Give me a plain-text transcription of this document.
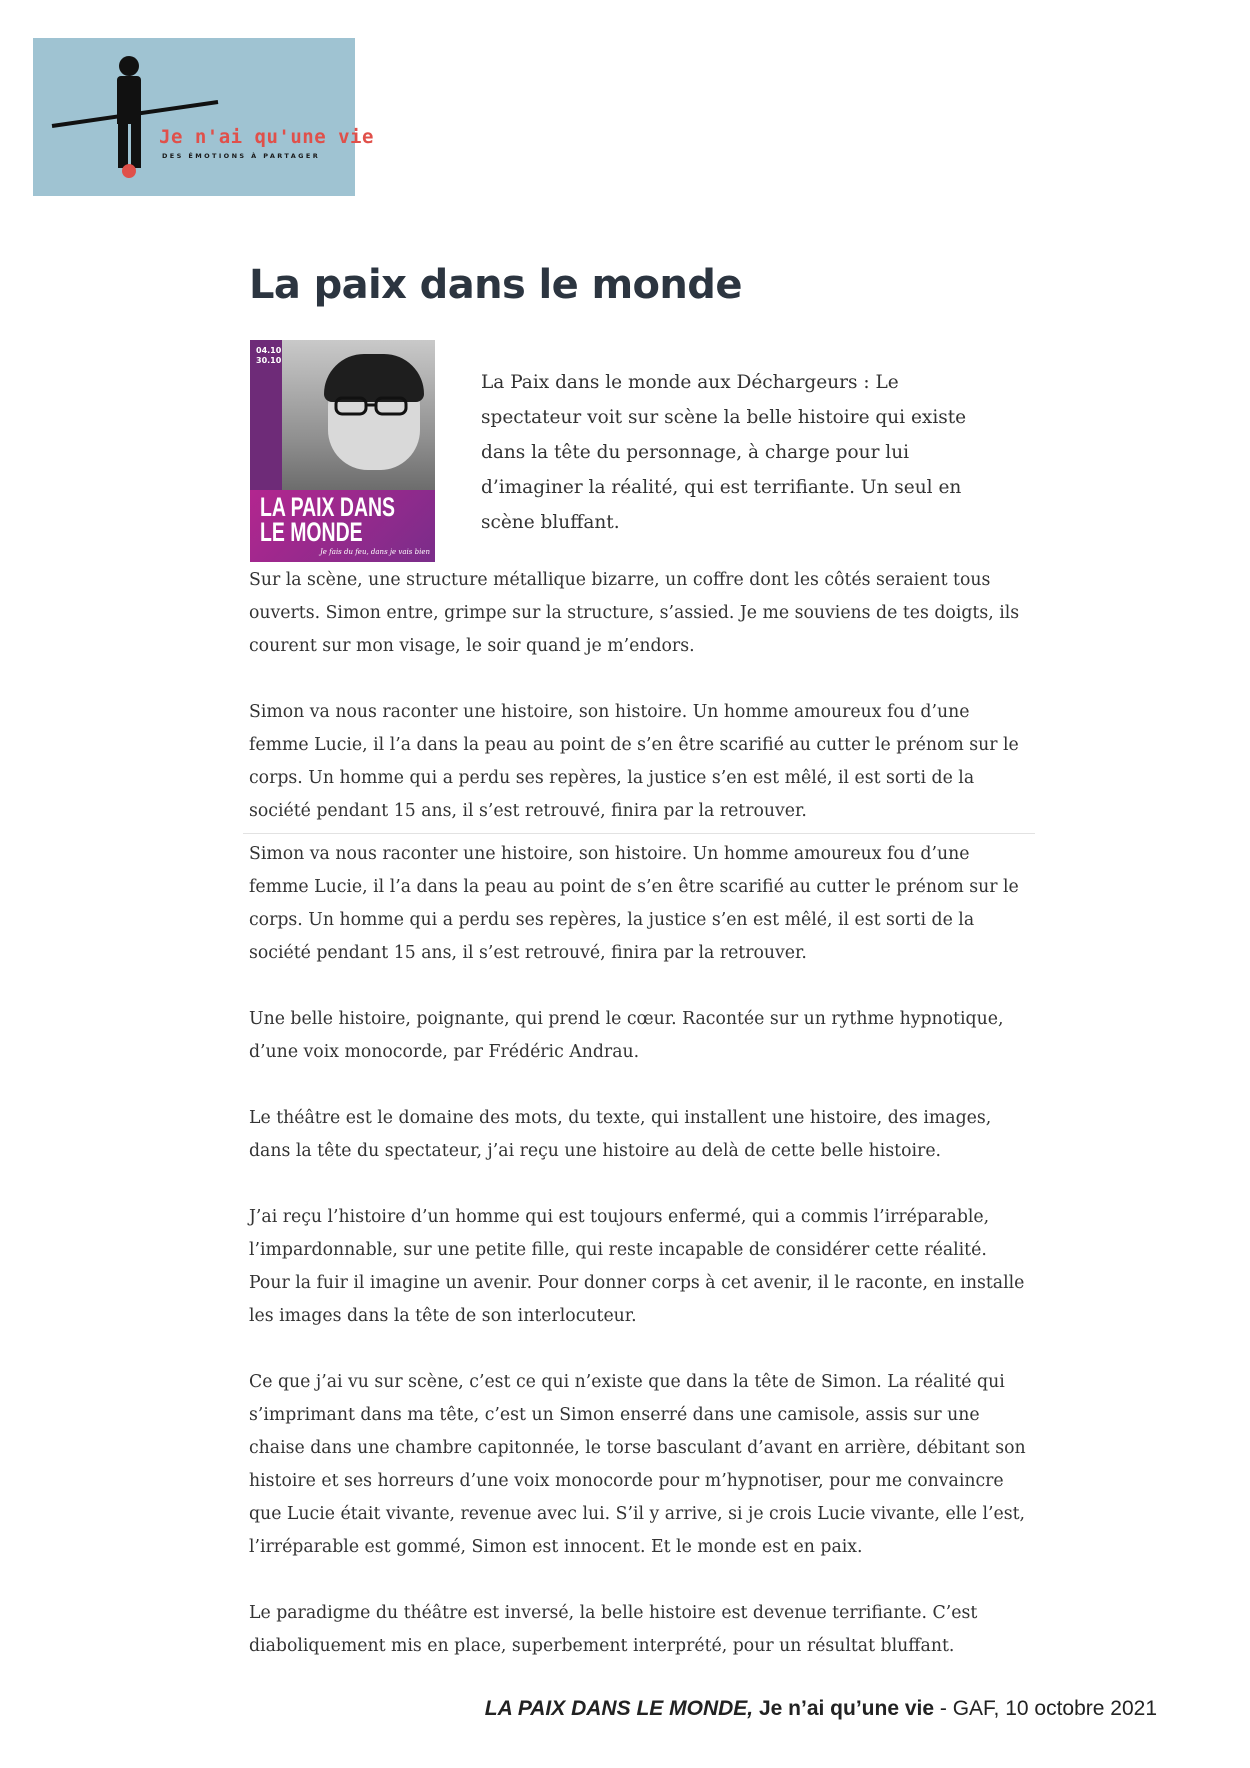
Je n'ai qu'une vie
DES ÉMOTIONS À PARTAGER
La paix dans le monde
04.10 30.10
LA PAIX DANS
LE MONDE
Je fais du feu, dans je vais bien

La Paix dans le monde aux Déchargeurs : Le spectateur voit sur scène la belle histoire qui existe dans la tête du personnage, à charge pour lui d’imaginer la réalité, qui est terrifiante. Un seul en scène bluffant.

Sur la scène, une structure métallique bizarre, un coffre dont les côtés seraient tous ouverts. Simon entre, grimpe sur la structure, s’assied. Je me souviens de tes doigts, ils courent sur mon visage, le soir quand je m’endors.

Simon va nous raconter une histoire, son histoire. Un homme amoureux fou d’une femme Lucie, il l’a dans la peau au point de s’en être scarifié au cutter le prénom sur le corps. Un homme qui a perdu ses repères, la justice s’en est mêlé, il est sorti de la société pendant 15 ans, il s’est retrouvé, finira par la retrouver.

Simon va nous raconter une histoire, son histoire. Un homme amoureux fou d’une femme Lucie, il l’a dans la peau au point de s’en être scarifié au cutter le prénom sur le corps. Un homme qui a perdu ses repères, la justice s’en est mêlé, il est sorti de la société pendant 15 ans, il s’est retrouvé, finira par la retrouver.

Une belle histoire, poignante, qui prend le cœur. Racontée sur un rythme hypnotique, d’une voix monocorde, par Frédéric Andrau.

Le théâtre est le domaine des mots, du texte, qui installent une histoire, des images, dans la tête du spectateur, j’ai reçu une histoire au delà de cette belle histoire.

J’ai reçu l’histoire d’un homme qui est toujours enfermé, qui a commis l’irréparable, l’impardonnable, sur une petite fille, qui reste incapable de considérer cette réalité. Pour la fuir il imagine un avenir. Pour donner corps à cet avenir, il le raconte, en installe les images dans la tête de son interlocuteur.

Ce que j’ai vu sur scène, c’est ce qui n’existe que dans la tête de Simon. La réalité qui s’imprimant dans ma tête, c’est un Simon enserré dans une camisole, assis sur une chaise dans une chambre capitonnée, le torse basculant d’avant en arrière, débitant son histoire et ses horreurs d’une voix monocorde pour m’hypnotiser, pour me convaincre que Lucie était vivante, revenue avec lui. S’il y arrive, si je crois Lucie vivante, elle l’est, l’irréparable est gommé, Simon est innocent. Et le monde est en paix.

Le paradigme du théâtre est inversé, la belle histoire est devenue terrifiante. C’est diaboliquement mis en place, superbement interprété, pour un résultat bluffant.

LA PAIX DANS LE MONDE, Je n’ai qu’une vie - GAF, 10 octobre 2021
